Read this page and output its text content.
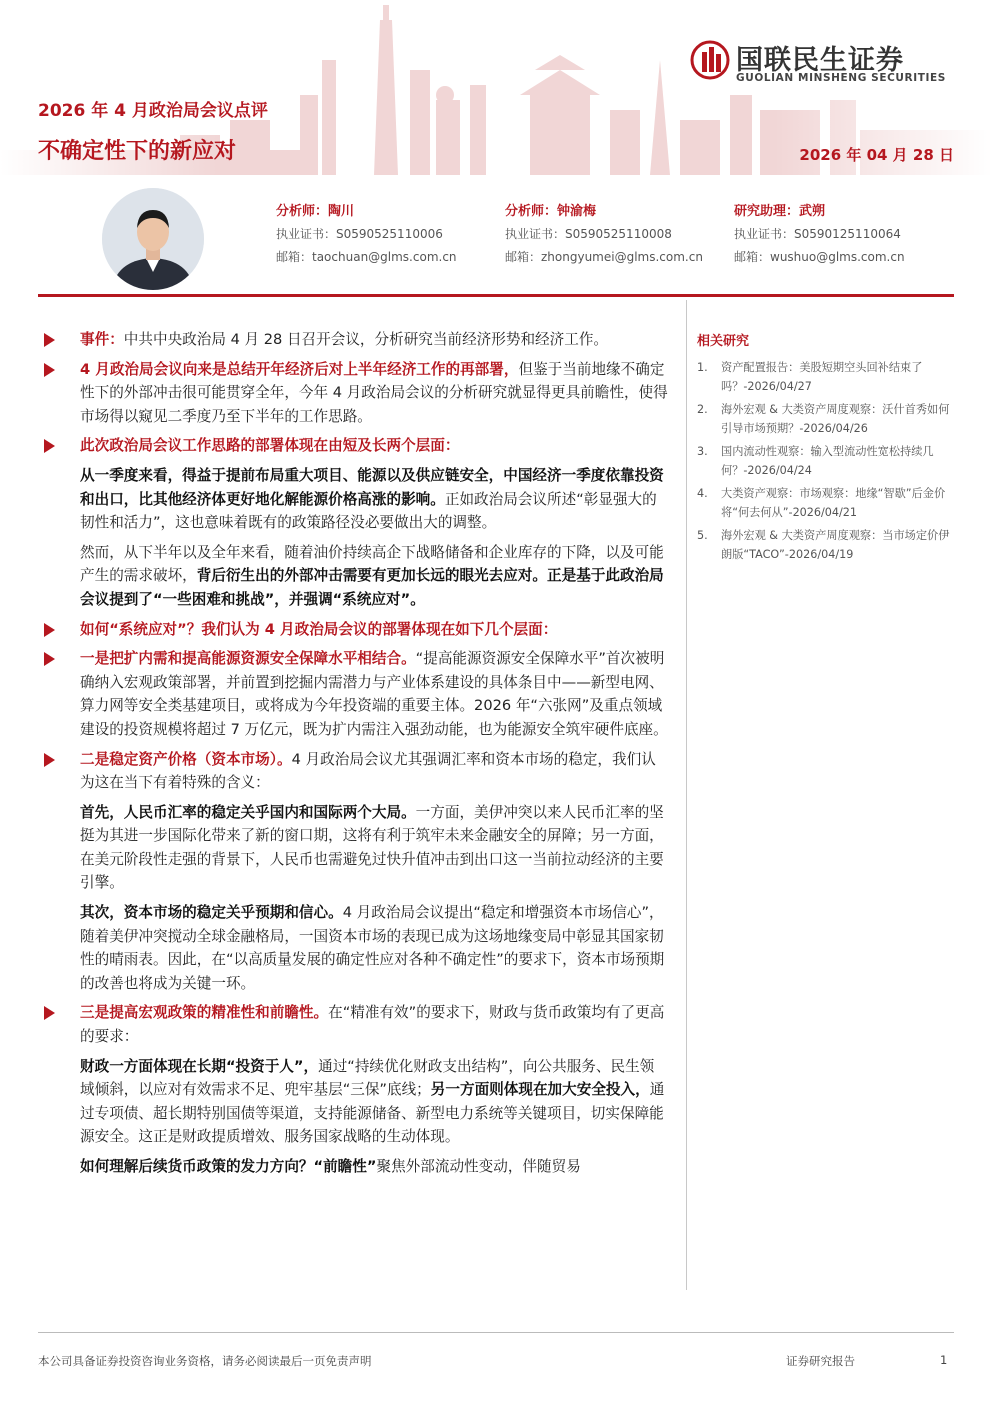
国联民生证券
GUOLIAN MINSHENG SECURITIES
2026 年 4 月政治局会议点评
不确定性下的新应对	2026 年 04 月 28 日
分析师：陶川
执业证书：S0590525110006
邮箱：taochuan@glms.com.cn
分析师：钟渝梅
执业证书：S0590525110008
邮箱：zhongyumei@glms.com.cn
研究助理：武朔
执业证书：S0590125110064
邮箱：wushuo@glms.com.cn
事件：中共中央政治局 4 月 28 日召开会议，分析研究当前经济形势和经济工作。
4 月政治局会议向来是总结开年经济后对上半年经济工作的再部署，但鉴于当前地缘不确定性下的外部冲击很可能贯穿全年，今年 4 月政治局会议的分析研究就显得更具前瞻性，使得市场得以窥见二季度乃至下半年的工作思路。
此次政治局会议工作思路的部署体现在由短及长两个层面：
从一季度来看，得益于提前布局重大项目、能源以及供应链安全，中国经济一季度依靠投资和出口，比其他经济体更好地化解能源价格高涨的影响。正如政治局会议所述“彰显强大的韧性和活力”，这也意味着既有的政策路径没必要做出大的调整。
然而，从下半年以及全年来看，随着油价持续高企下战略储备和企业库存的下降，以及可能产生的需求破坏，背后衍生出的外部冲击需要有更加长远的眼光去应对。正是基于此政治局会议提到了“一些困难和挑战”，并强调“系统应对”。
如何“系统应对”？我们认为 4 月政治局会议的部署体现在如下几个层面：
一是把扩内需和提高能源资源安全保障水平相结合。“提高能源资源安全保障水平”首次被明确纳入宏观政策部署，并前置到挖掘内需潜力与产业体系建设的具体条目中——新型电网、算力网等安全类基建项目，或将成为今年投资端的重要主体。2026 年“六张网”及重点领域建设的投资规模将超过 7 万亿元，既为扩内需注入强劲动能，也为能源安全筑牢硬件底座。
二是稳定资产价格（资本市场）。4 月政治局会议尤其强调汇率和资本市场的稳定，我们认为这在当下有着特殊的含义：
首先，人民币汇率的稳定关乎国内和国际两个大局。一方面，美伊冲突以来人民币汇率的坚挺为其进一步国际化带来了新的窗口期，这将有利于筑牢未来金融安全的屏障；另一方面，在美元阶段性走强的背景下，人民币也需避免过快升值冲击到出口这一当前拉动经济的主要引擎。
其次，资本市场的稳定关乎预期和信心。4 月政治局会议提出“稳定和增强资本市场信心”，随着美伊冲突搅动全球金融格局，一国资本市场的表现已成为这场地缘变局中彰显其国家韧性的晴雨表。因此，在“以高质量发展的确定性应对各种不确定性”的要求下，资本市场预期的改善也将成为关键一环。
三是提高宏观政策的精准性和前瞻性。在“精准有效”的要求下，财政与货币政策均有了更高的要求：
财政一方面体现在长期“投资于人”，通过“持续优化财政支出结构”，向公共服务、民生领域倾斜，以应对有效需求不足、兜牢基层“三保”底线；另一方面则体现在加大安全投入，通过专项债、超长期特别国债等渠道，支持能源储备、新型电力系统等关键项目，切实保障能源安全。这正是财政提质增效、服务国家战略的生动体现。
如何理解后续货币政策的发力方向？“前瞻性”聚焦外部流动性变动，伴随贸易
相关研究
1. 资产配置报告：美股短期空头回补结束了吗？-2026/04/27
2. 海外宏观 & 大类资产周度观察：沃什首秀如何引导市场预期？-2026/04/26
3. 国内流动性观察：输入型流动性宽松持续几何？-2026/04/24
4. 大类资产观察：市场观察：地缘“智歇”后金价将“何去何从”-2026/04/21
5. 海外宏观 & 大类资产周度观察：当市场定价伊朗版“TACO”-2026/04/19
本公司具备证券投资咨询业务资格，请务必阅读最后一页免责声明	证券研究报告	1
